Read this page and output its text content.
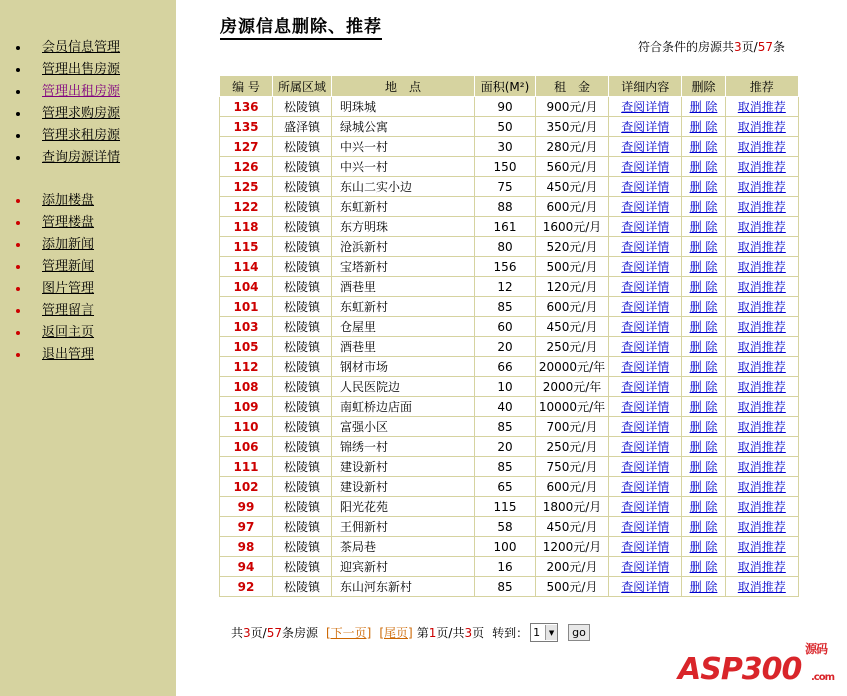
会员信息管理
管理出售房源
管理出租房源
管理求购房源
管理求租房源
查询房源详情
添加楼盘
管理楼盘
添加新闻
管理新闻
图片管理
管理留言
返回主页
退出管理
房源信息删除、推荐
符合条件的房源共3页/57条
编 号	所属区域	地　点	面积(M²)	租　金	详细内容	删除	推荐
136	松陵镇	明珠城	90	900元/月	查阅详情	删 除	取消推荐
135	盛泽镇	绿城公寓	50	350元/月	查阅详情	删 除	取消推荐
127	松陵镇	中兴一村	30	280元/月	查阅详情	删 除	取消推荐
126	松陵镇	中兴一村	150	560元/月	查阅详情	删 除	取消推荐
125	松陵镇	东山二实小边	75	450元/月	查阅详情	删 除	取消推荐
122	松陵镇	东虹新村	88	600元/月	查阅详情	删 除	取消推荐
118	松陵镇	东方明珠	161	1600元/月	查阅详情	删 除	取消推荐
115	松陵镇	沧浜新村	80	520元/月	查阅详情	删 除	取消推荐
114	松陵镇	宝塔新村	156	500元/月	查阅详情	删 除	取消推荐
104	松陵镇	酒巷里	12	120元/月	查阅详情	删 除	取消推荐
101	松陵镇	东虹新村	85	600元/月	查阅详情	删 除	取消推荐
103	松陵镇	仓屋里	60	450元/月	查阅详情	删 除	取消推荐
105	松陵镇	酒巷里	20	250元/月	查阅详情	删 除	取消推荐
112	松陵镇	钢材市场	66	20000元/年	查阅详情	删 除	取消推荐
108	松陵镇	人民医院边	10	2000元/年	查阅详情	删 除	取消推荐
109	松陵镇	南虹桥边店面	40	10000元/年	查阅详情	删 除	取消推荐
110	松陵镇	富强小区	85	700元/月	查阅详情	删 除	取消推荐
106	松陵镇	锦绣一村	20	250元/月	查阅详情	删 除	取消推荐
111	松陵镇	建设新村	85	750元/月	查阅详情	删 除	取消推荐
102	松陵镇	建设新村	65	600元/月	查阅详情	删 除	取消推荐
99	松陵镇	阳光花苑	115	1800元/月	查阅详情	删 除	取消推荐
97	松陵镇	王佣新村	58	450元/月	查阅详情	删 除	取消推荐
98	松陵镇	茶局巷	100	1200元/月	查阅详情	删 除	取消推荐
94	松陵镇	迎宾新村	16	200元/月	查阅详情	删 除	取消推荐
92	松陵镇	东山河东新村	85	500元/月	查阅详情	删 除	取消推荐
共 3 页/ 57 条房源 [下一页] [尾页] 第 1 页/共 3 页 转到： 1	▼	go
ASP300
源码
.com
